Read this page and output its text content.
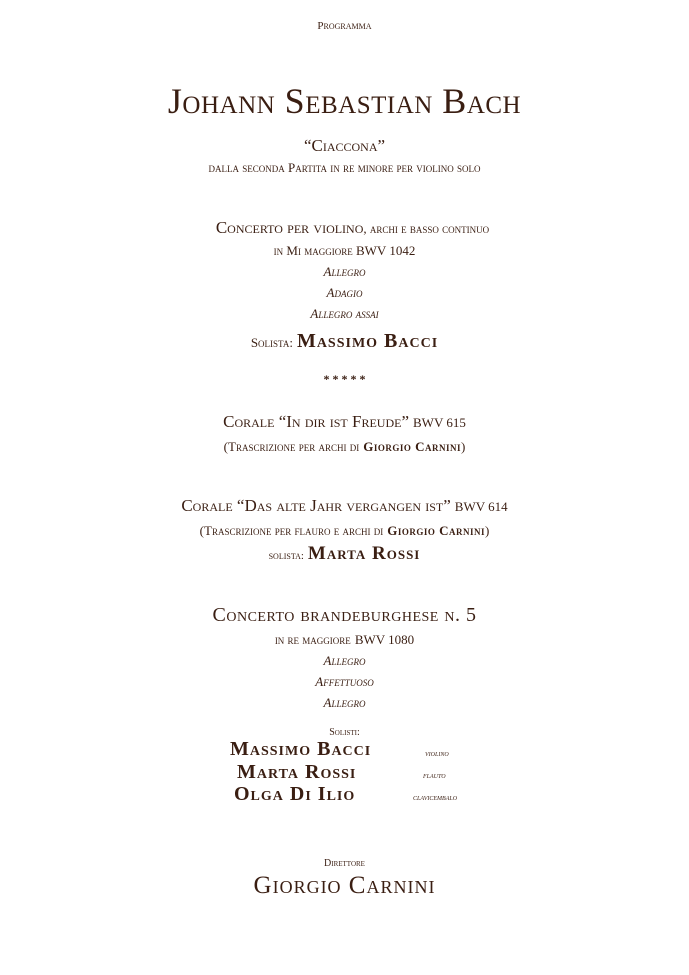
Programma
Johann Sebastian Bach
“Ciaccona”
dalla seconda Partita in re minore per violino solo
Concerto per violino, archi e basso continuo
in Mi maggiore BWV 1042
Allegro
Adagio
Allegro assai
Solista: Massimo Bacci
* * * * *
Corale “In dir ist Freude” BWV 615
(Trascrizione per archi di Giorgio Carnini)
Corale “Das alte Jahr vergangen ist” BWV 614
(Trascrizione per flauro e archi di Giorgio Carnini)
solista: Marta Rossi
Concerto brandeburghese n. 5
in re maggiore BWV 1080
Allegro
Affettuoso
Allegro
Solisti:
Massimo Bacci	violino
Marta Rossi	flauto
Olga Di Ilio	clavicembalo
Direttore
Giorgio Carnini
